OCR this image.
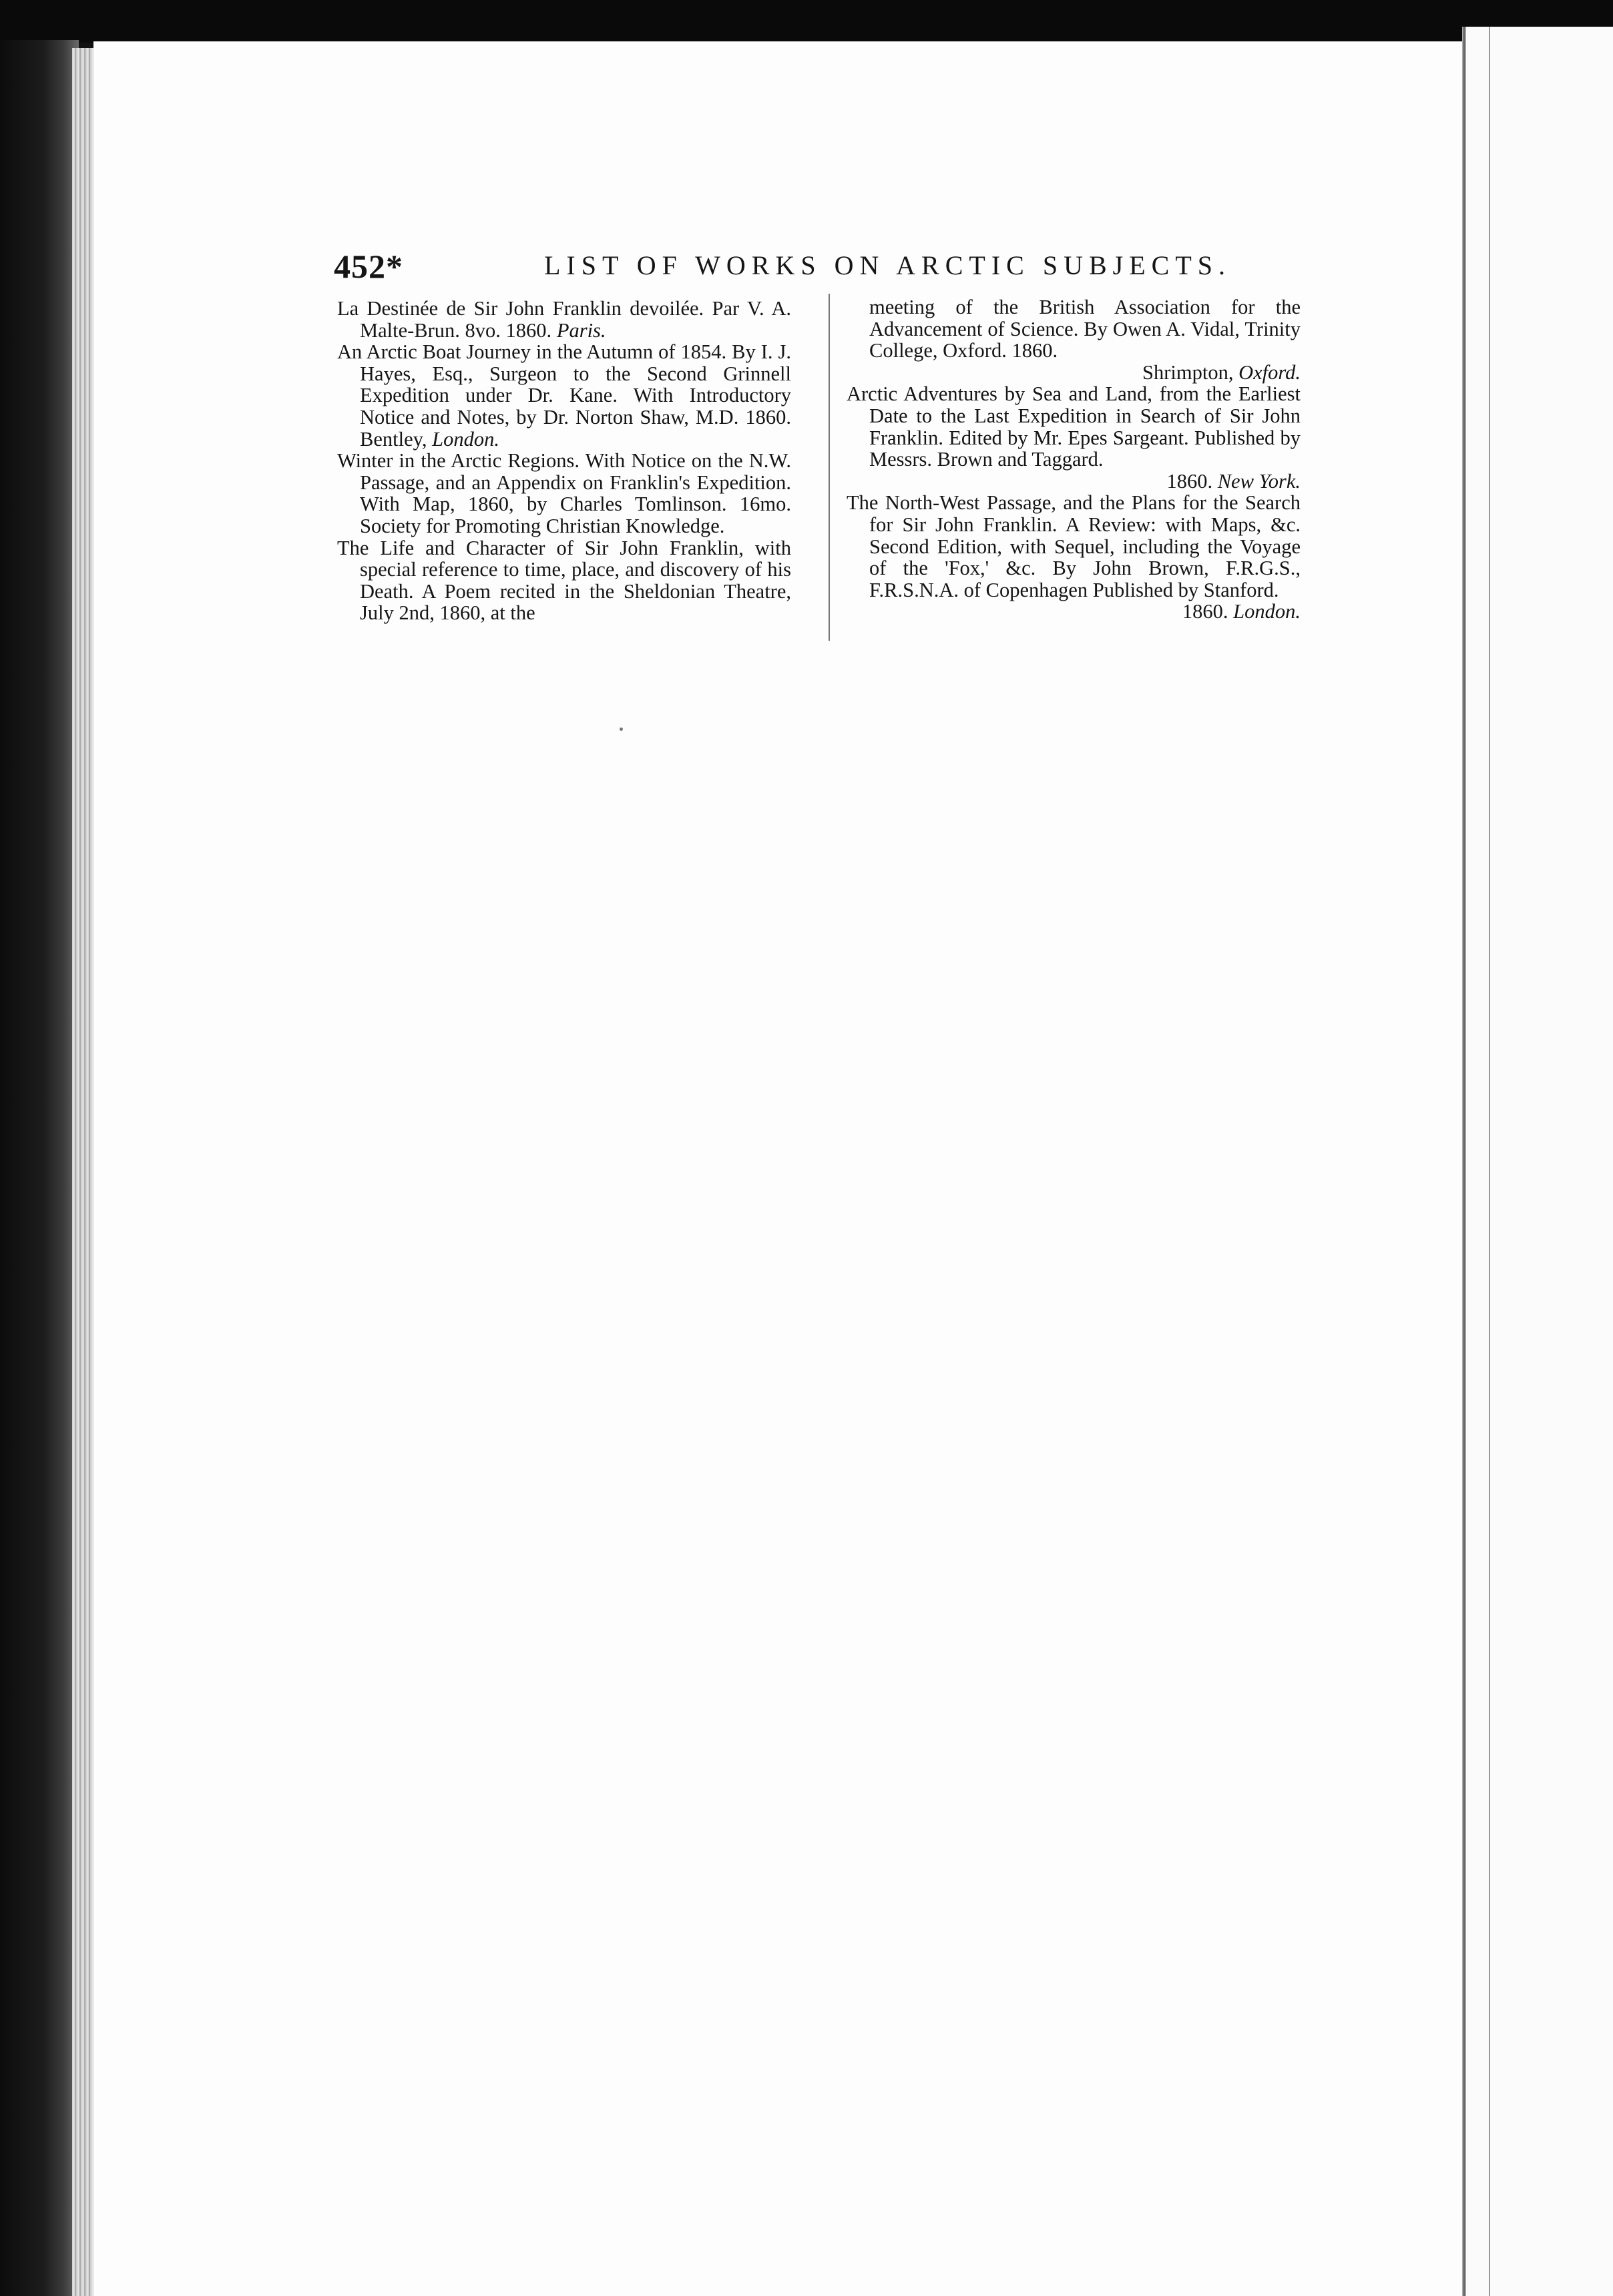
452*	LIST OF WORKS ON ARCTIC SUBJECTS.

La Destinée de Sir John Franklin devoilée. Par V. A. Malte-Brun. 8vo. 1860. Paris.

An Arctic Boat Journey in the Autumn of 1854. By I. J. Hayes, Esq., Surgeon to the Second Grinnell Expedition under Dr. Kane. With Introductory Notice and Notes, by Dr. Norton Shaw, M.D. 1860. Bentley, London.

Winter in the Arctic Regions. With Notice on the N.W. Passage, and an Appendix on Franklin's Expedition. With Map, 1860, by Charles Tomlinson. 16mo. Society for Promoting Christian Knowledge.

The Life and Character of Sir John Franklin, with special reference to time, place, and discovery of his Death. A Poem recited in the Sheldonian Theatre, July 2nd, 1860, at the

meeting of the British Association for the Advancement of Science. By Owen A. Vidal, Trinity College, Oxford. 1860.
Shrimpton, Oxford.

Arctic Adventures by Sea and Land, from the Earliest Date to the Last Expedition in Search of Sir John Franklin. Edited by Mr. Epes Sargeant. Published by Messrs. Brown and Taggard.
1860. New York.

The North-West Passage, and the Plans for the Search for Sir John Franklin. A Review: with Maps, &c. Second Edition, with Sequel, including the Voyage of the 'Fox,' &c. By John Brown, F.R.G.S., F.R.S.N.A. of Copenhagen Published by Stanford.
1860. London.
